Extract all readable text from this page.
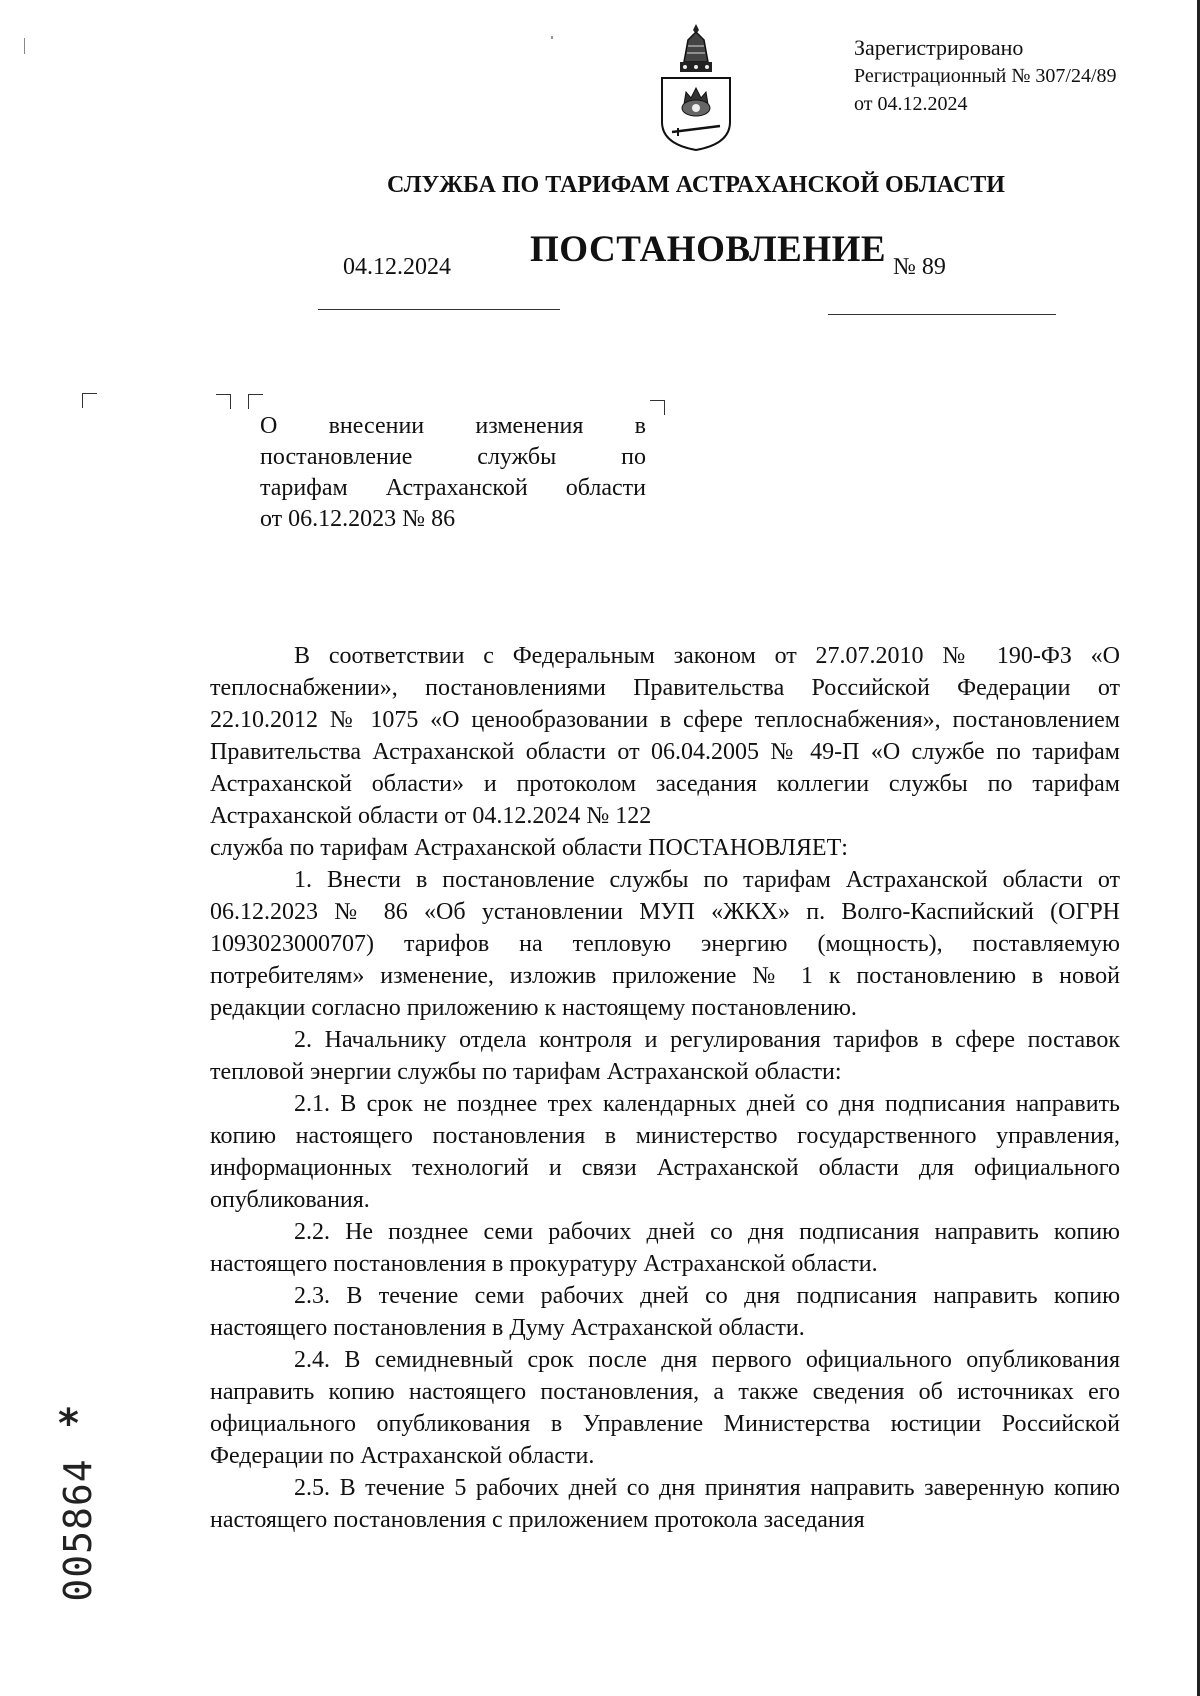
Зарегистрировано
Регистрационный № 307/24/89
от 04.12.2024
СЛУЖБА ПО ТАРИФАМ АСТРАХАНСКОЙ ОБЛАСТИ
ПОСТАНОВЛЕНИЕ
04.12.2024	№ 89
О внесении изменения в
постановление службы по
тарифам Астраханской области
от 06.12.2023 № 86

В соответствии с Федеральным законом от 27.07.2010 № 190-ФЗ «О теплоснабжении», постановлениями Правительства Российской Федерации от 22.10.2012 № 1075 «О ценообразовании в сфере теплоснабжения», постановлением Правительства Астраханской области от 06.04.2005 № 49-П «О службе по тарифам Астраханской области» и протоколом заседания коллегии службы по тарифам Астраханской области от 04.12.2024 № 122

служба по тарифам Астраханской области ПОСТАНОВЛЯЕТ:

1. Внести в постановление службы по тарифам Астраханской области от 06.12.2023 № 86 «Об установлении МУП «ЖКХ» п. Волго-Каспийский (ОГРН 1093023000707) тарифов на тепловую энергию (мощность), поставляемую потребителям» изменение, изложив приложение № 1 к постановлению в новой редакции согласно приложению к настоящему постановлению.

2. Начальнику отдела контроля и регулирования тарифов в сфере поставок тепловой энергии службы по тарифам Астраханской области:

2.1. В срок не позднее трех календарных дней со дня подписания направить копию настоящего постановления в министерство государственного управления, информационных технологий и связи Астраханской области для официального опубликования.

2.2. Не позднее семи рабочих дней со дня подписания направить копию настоящего постановления в прокуратуру Астраханской области.

2.3. В течение семи рабочих дней со дня подписания направить копию настоящего постановления в Думу Астраханской области.

2.4. В семидневный срок после дня первого официального опубликования направить копию настоящего постановления, а также сведения об источниках его официального опубликования в Управление Министерства юстиции Российской Федерации по Астраханской области.

2.5. В течение 5 рабочих дней со дня принятия направить заверенную копию настоящего постановления с приложением протокола заседания

*
005864
